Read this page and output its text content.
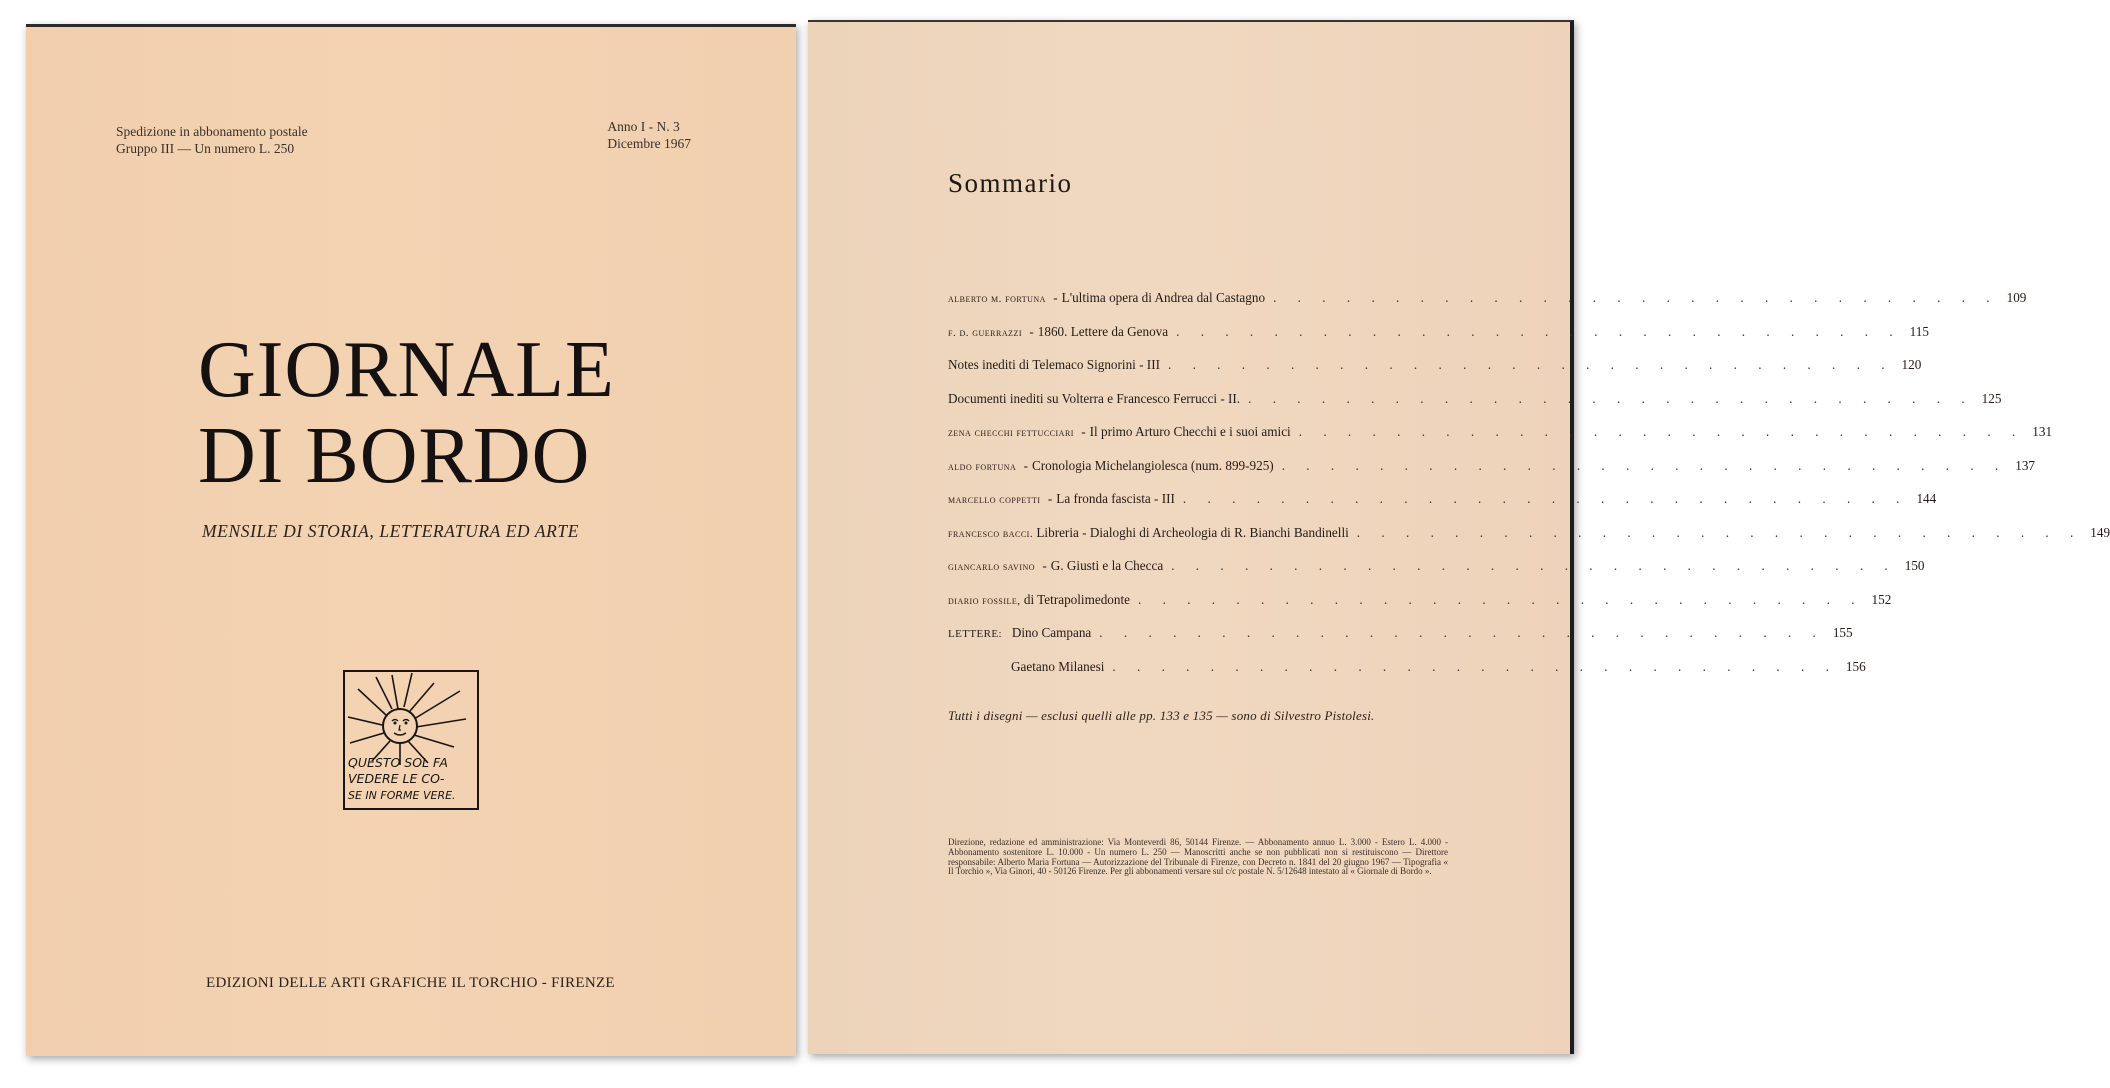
Spedizione in abbonamento postale
Gruppo III — Un numero L. 250
Anno I - N. 3
Dicembre 1967
GIORNALE
DI BORDO
MENSILE DI STORIA, LETTERATURA ED ARTE
QUESTO SOL FA
VEDERE LE CO-
SE IN FORME VERE.
EDIZIONI DELLE ARTI GRAFICHE IL TORCHIO - FIRENZE
Sommario
alberto m. fortuna - L'ultima opera di Andrea dal Castagno . . . . . . . . . . . . . . . . . . . . . . . . . . . . . . 109
f. d. guerrazzi - 1860. Lettere da Genova . . . . . . . . . . . . . . . . . . . . . . . . . . . . . . 115
Notes inediti di Telemaco Signorini - III . . . . . . . . . . . . . . . . . . . . . . . . . . . . . . 120
Documenti inediti su Volterra e Francesco Ferrucci - II. . . . . . . . . . . . . . . . . . . . . . . . . . . . . . . 125
zena checchi fettucciari - Il primo Arturo Checchi e i suoi amici . . . . . . . . . . . . . . . . . . . . . . . . . . . . . . 131
aldo fortuna - Cronologia Michelangiolesca (num. 899-925) . . . . . . . . . . . . . . . . . . . . . . . . . . . . . . 137
marcello coppetti - La fronda fascista - III . . . . . . . . . . . . . . . . . . . . . . . . . . . . . . 144
francesco bacci. Libreria - Dialoghi di Archeologia di R. Bianchi Bandinelli . . . . . . . . . . . . . . . . . . . . . . . . . . . . . . 149
giancarlo savino - G. Giusti e la Checca . . . . . . . . . . . . . . . . . . . . . . . . . . . . . . 150
diario fossile, di Tetrapolimedonte . . . . . . . . . . . . . . . . . . . . . . . . . . . . . . 152
LETTERE: Dino Campana . . . . . . . . . . . . . . . . . . . . . . . . . . . . . . 155
Gaetano Milanesi . . . . . . . . . . . . . . . . . . . . . . . . . . . . . . 156
Tutti i disegni — esclusi quelli alle pp. 133 e 135 — sono di Silvestro Pistolesi.
Direzione, redazione ed amministrazione: Via Monteverdi 86, 50144 Firenze. — Abbonamento annuo L. 3.000 - Estero L. 4.000 - Abbonamento sostenitore L. 10.000 - Un numero L. 250 — Manoscritti anche se non pubblicati non si restituiscono — Direttore responsabile: Alberto Maria Fortuna — Autorizzazione del Tribunale di Firenze, con Decreto n. 1841 del 20 giugno 1967 — Tipografia « Il Torchio », Via Ginori, 40 - 50126 Firenze. Per gli abbonamenti versare sul c/c postale N. 5/12648 intestato al « Giornale di Bordo ».
